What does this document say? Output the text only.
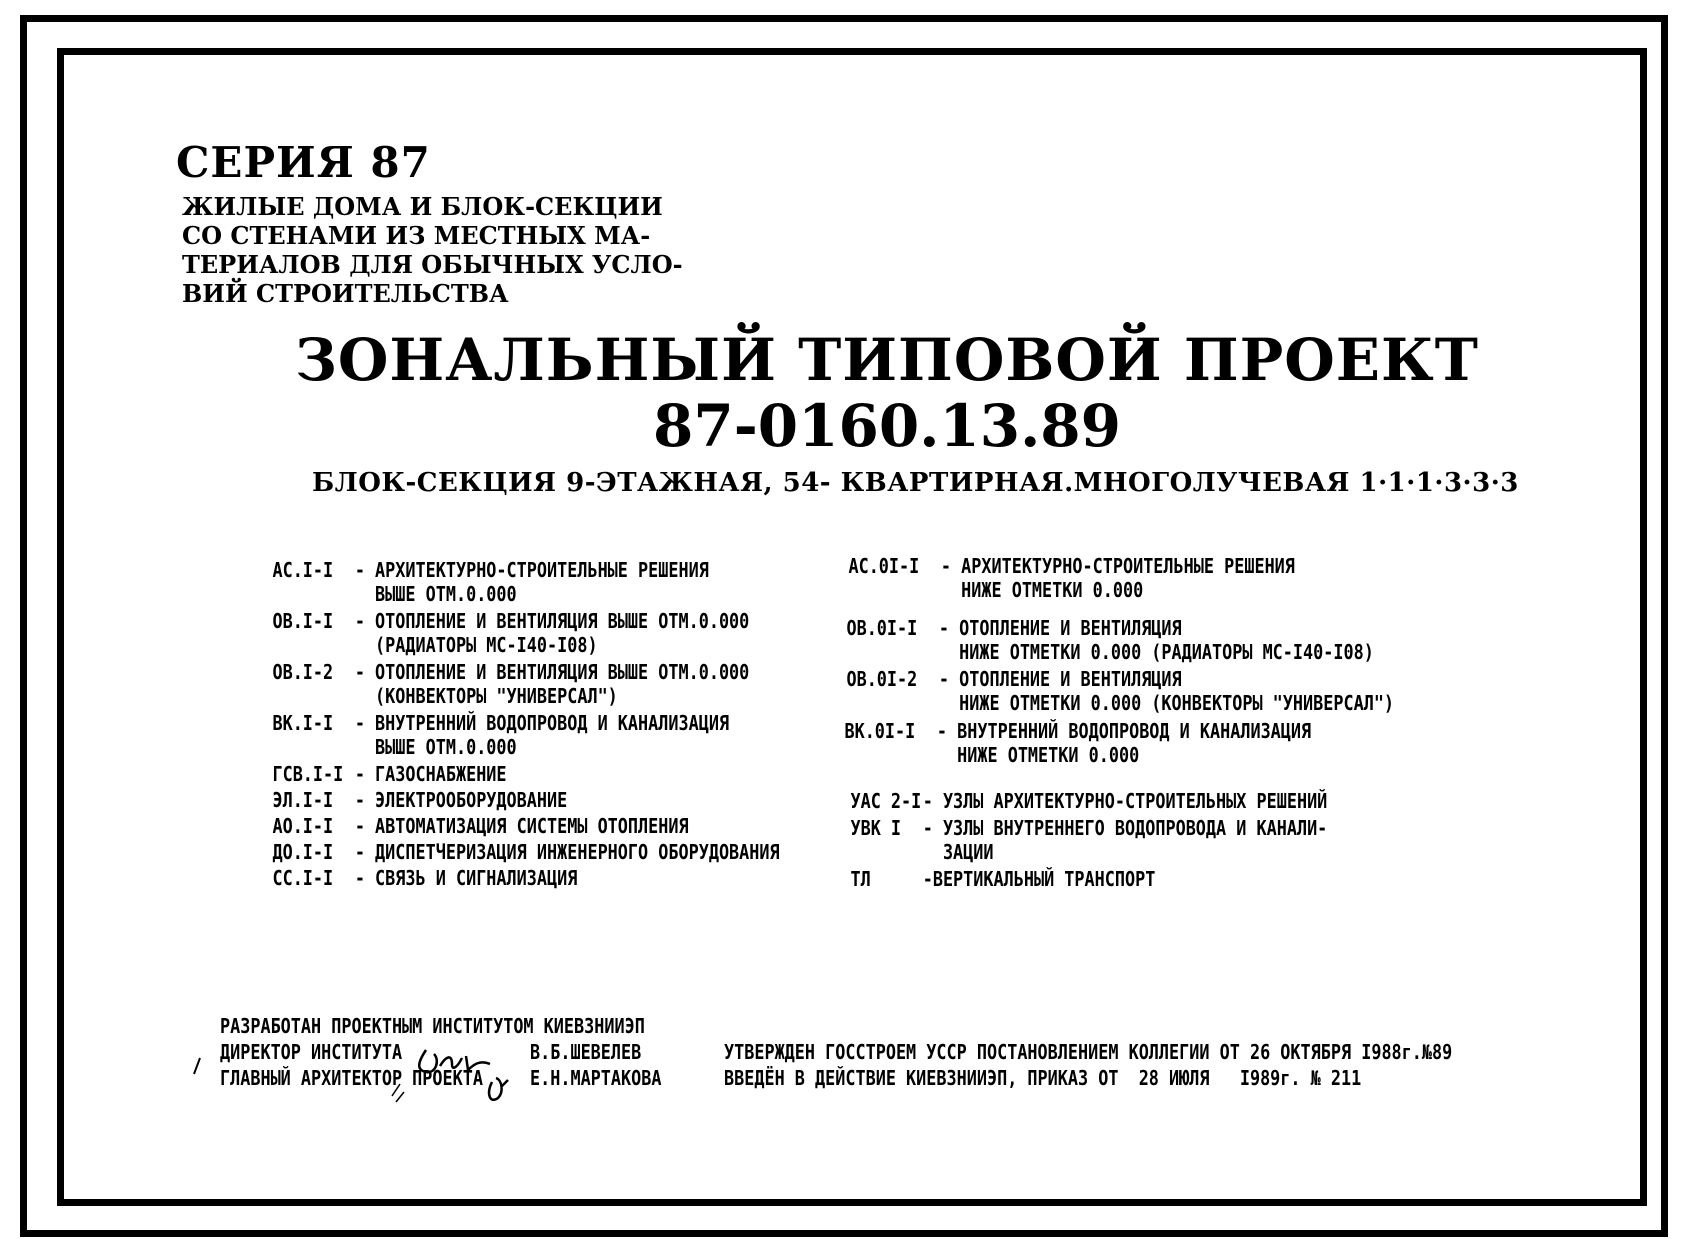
СЕРИЯ 87
ЖИЛЫЕ ДОМА И БЛОК-СЕКЦИИ
СО СТЕНАМИ ИЗ МЕСТНЫХ МА-
ТЕРИАЛОВ ДЛЯ ОБЫЧНЫХ УСЛО-
ВИЙ СТРОИТЕЛЬСТВА
ЗОНАЛЬНЫЙ ТИПОВОЙ ПРОЕКТ
87-0160.13.89
БЛОК-СЕКЦИЯ 9-ЭТАЖНАЯ, 54- КВАРТИРНАЯ.МНОГОЛУЧЕВАЯ 1·1·1·3·3·3

АС.I-I - АРХИТЕКТУРНО-СТРОИТЕЛЬНЫЕ РЕШЕНИЯ
ВЫШЕ ОТМ.0.000

ОВ.I-I - ОТОПЛЕНИЕ И ВЕНТИЛЯЦИЯ ВЫШЕ ОТМ.0.000
(РАДИАТОРЫ МС-I40-I08)

ОВ.I-2 - ОТОПЛЕНИЕ И ВЕНТИЛЯЦИЯ ВЫШЕ ОТМ.0.000
(КОНВЕКТОРЫ "УНИВЕРСАЛ")

ВК.I-I - ВНУТРЕННИЙ ВОДОПРОВОД И КАНАЛИЗАЦИЯ
ВЫШЕ ОТМ.0.000

ГСВ.I-I - ГАЗОСНАБЖЕНИЕ

ЭЛ.I-I - ЭЛЕКТРООБОРУДОВАНИЕ

АО.I-I - АВТОМАТИЗАЦИЯ СИСТЕМЫ ОТОПЛЕНИЯ

ДО.I-I - ДИСПЕТЧЕРИЗАЦИЯ ИНЖЕНЕРНОГО ОБОРУДОВАНИЯ

СС.I-I - СВЯЗЬ И СИГНАЛИЗАЦИЯ

АС.0I-I - АРХИТЕКТУРНО-СТРОИТЕЛЬНЫЕ РЕШЕНИЯ
НИЖЕ ОТМЕТКИ 0.000

ОВ.0I-I - ОТОПЛЕНИЕ И ВЕНТИЛЯЦИЯ
НИЖЕ ОТМЕТКИ 0.000 (РАДИАТОРЫ МС-I40-I08)

ОВ.0I-2 - ОТОПЛЕНИЕ И ВЕНТИЛЯЦИЯ
НИЖЕ ОТМЕТКИ 0.000 (КОНВЕКТОРЫ "УНИВЕРСАЛ")

ВК.0I-I - ВНУТРЕННИЙ ВОДОПРОВОД И КАНАЛИЗАЦИЯ
НИЖЕ ОТМЕТКИ 0.000

УАС 2-I- УЗЛЫ АРХИТЕКТУРНО-СТРОИТЕЛЬНЫХ РЕШЕНИЙ

УВК I - УЗЛЫ ВНУТРЕННЕГО ВОДОПРОВОДА И КАНАЛИ-
ЗАЦИИ

ТЛ	-ВЕРТИКАЛЬНЫЙ ТРАНСПОРТ

РАЗРАБОТАН ПРОЕКТНЫМ ИНСТИТУТОМ КИЕВЗНИИЭП
ДИРЕКТОР ИНСТИТУТА	В.Б.ШЕВЕЛЕВ
ГЛАВНЫЙ АРХИТЕКТОР ПРОЕКТА Е.Н.МАРТАКОВА
УТВЕРЖДЕН ГОССТРОЕМ УССР ПОСТАНОВЛЕНИЕМ КОЛЛЕГИИ ОТ 26 ОКТЯБРЯ I988г.№89
ВВЕДЁН В ДЕЙСТВИЕ КИЕВЗНИИЭП, ПРИКАЗ ОТ  28 ИЮЛЯ   I989г. № 211
